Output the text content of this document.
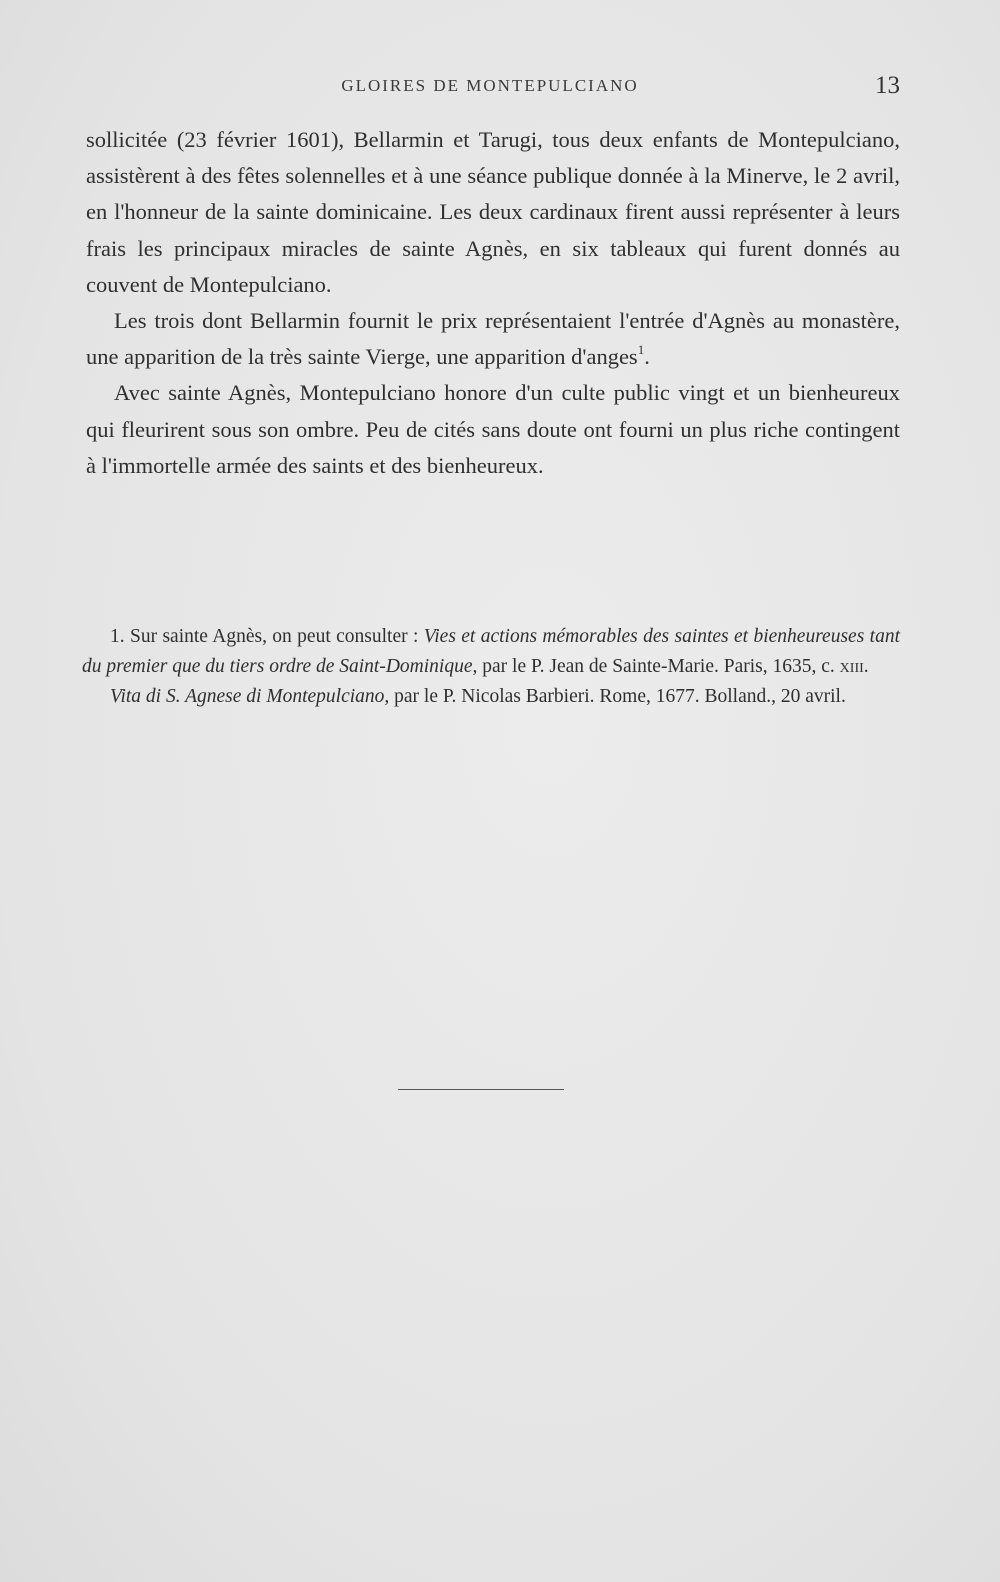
GLOIRES DE MONTEPULCIANO	13

sollicitée (23 février 1601), Bellarmin et Tarugi, tous deux enfants de Montepulciano, assistèrent à des fêtes solennelles et à une séance publique donnée à la Minerve, le 2 avril, en l'honneur de la sainte dominicaine. Les deux cardinaux firent aussi représenter à leurs frais les principaux miracles de sainte Agnès, en six tableaux qui furent donnés au couvent de Montepulciano.

Les trois dont Bellarmin fournit le prix représentaient l'entrée d'Agnès au monastère, une apparition de la très sainte Vierge, une apparition d'anges$^1$.

Avec sainte Agnès, Montepulciano honore d'un culte public vingt et un bienheureux qui fleurirent sous son ombre. Peu de cités sans doute ont fourni un plus riche contingent à l'immortelle armée des saints et des bienheureux.

1. Sur sainte Agnès, on peut consulter : Vies et actions mémorables des saintes et bienheureuses tant du premier que du tiers ordre de Saint-Dominique, par le P. Jean de Sainte-Marie. Paris, 1635, c. xiii.

Vita di S. Agnese di Montepulciano, par le P. Nicolas Barbieri. Rome, 1677. Bolland., 20 avril.
